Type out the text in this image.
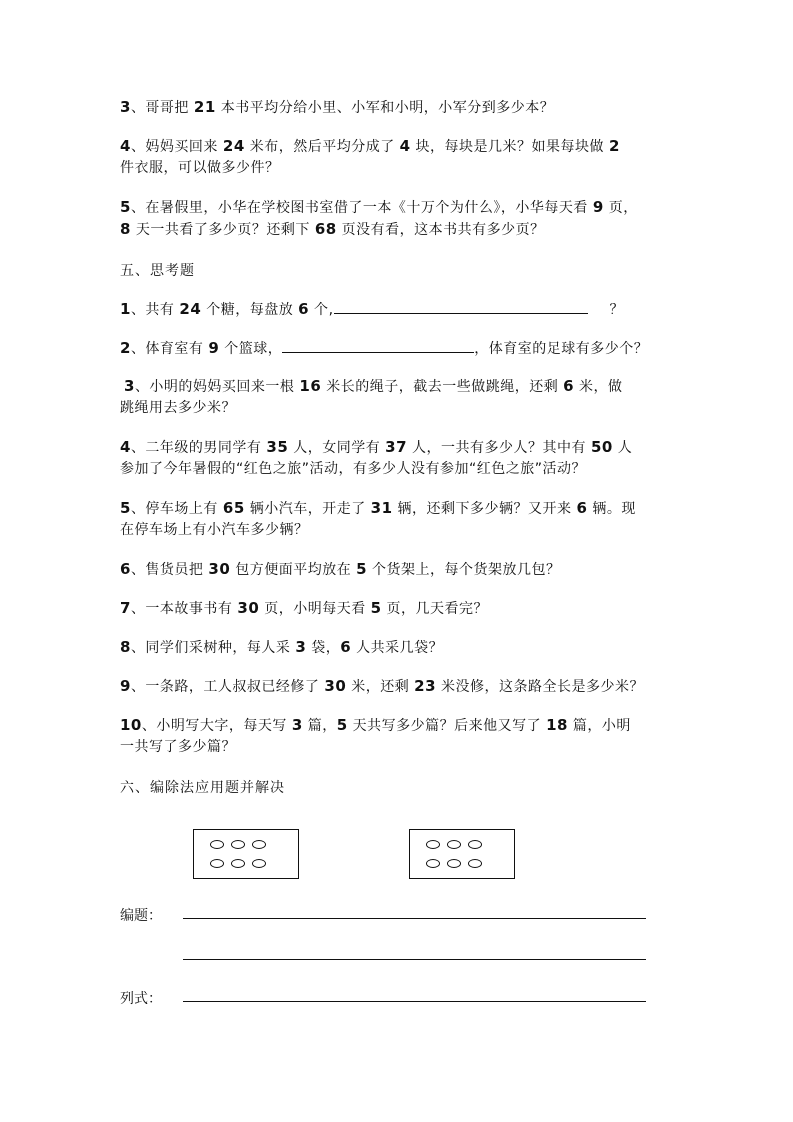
3、哥哥把 21 本书平均分给小里、小军和小明，小军分到多少本？
4、妈妈买回来 24 米布，然后平均分成了 4 块，每块是几米？如果每块做 2
件衣服，可以做多少件？
5、在暑假里，小华在学校图书室借了一本《十万个为什么》，小华每天看 9 页，
8 天一共看了多少页？还剩下 68 页没有看，这本书共有多少页？
五、思考题
1、共有 24 个糖，每盘放 6 个,	？
2、体育室有 9 个篮球，	，体育室的足球有多少个？
3、小明的妈妈买回来一根 16 米长的绳子，截去一些做跳绳，还剩 6 米，做
跳绳用去多少米？
4、二年级的男同学有 35 人，女同学有 37 人，一共有多少人？其中有 50 人
参加了今年暑假的“红色之旅”活动，有多少人没有参加“红色之旅”活动？
5、停车场上有 65 辆小汽车，开走了 31 辆，还剩下多少辆？又开来 6 辆。现
在停车场上有小汽车多少辆？
6、售货员把 30 包方便面平均放在 5 个货架上，每个货架放几包？
7、一本故事书有 30 页，小明每天看 5 页，几天看完？
8、同学们采树种，每人采 3 袋，6 人共采几袋？
9、一条路，工人叔叔已经修了 30 米，还剩 23 米没修，这条路全长是多少米？
10、小明写大字，每天写 3 篇，5 天共写多少篇？后来他又写了 18 篇，小明
一共写了多少篇？
六、编除法应用题并解决
编题：
列式：
